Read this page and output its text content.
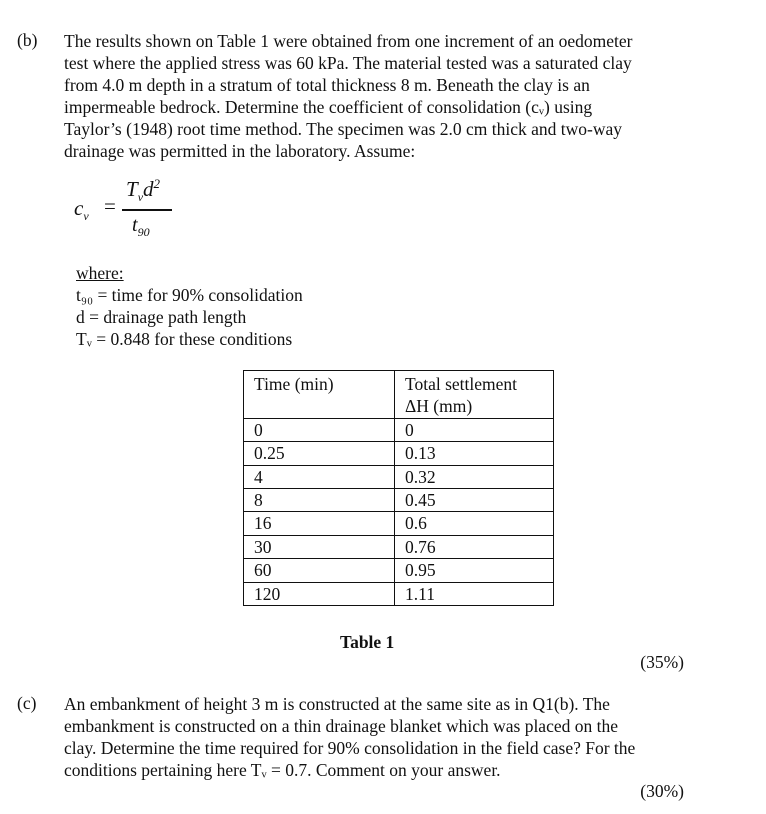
(b) The results shown on Table 1 were obtained from one increment of an oedometer
test where the applied stress was 60 kPa. The material tested was a saturated clay
from 4.0 m depth in a stratum of total thickness 8 m. Beneath the clay is an
impermeable bedrock. Determine the coefficient of consolidation (cᵥ) using
Taylor’s (1948) root time method. The specimen was 2.0 cm thick and two-way
drainage was permitted in the laboratory. Assume:
$c_v$ =
$T_vd^2$
$t_{90}$
where:
t₉₀ = time for 90% consolidation
d = drainage path length
Tᵥ = 0.848 for these conditions
Time (min)	Total settlement
ΔH (mm)

0	0
0.25	0.13
4	0.32
8	0.45
16	0.6
30	0.76
60	0.95
120	1.11
Table 1
(35%)
(c) An embankment of height 3 m is constructed at the same site as in Q1(b). The
embankment is constructed on a thin drainage blanket which was placed on the
clay. Determine the time required for 90% consolidation in the field case? For the
conditions pertaining here Tᵥ = 0.7. Comment on your answer.
(30%)
